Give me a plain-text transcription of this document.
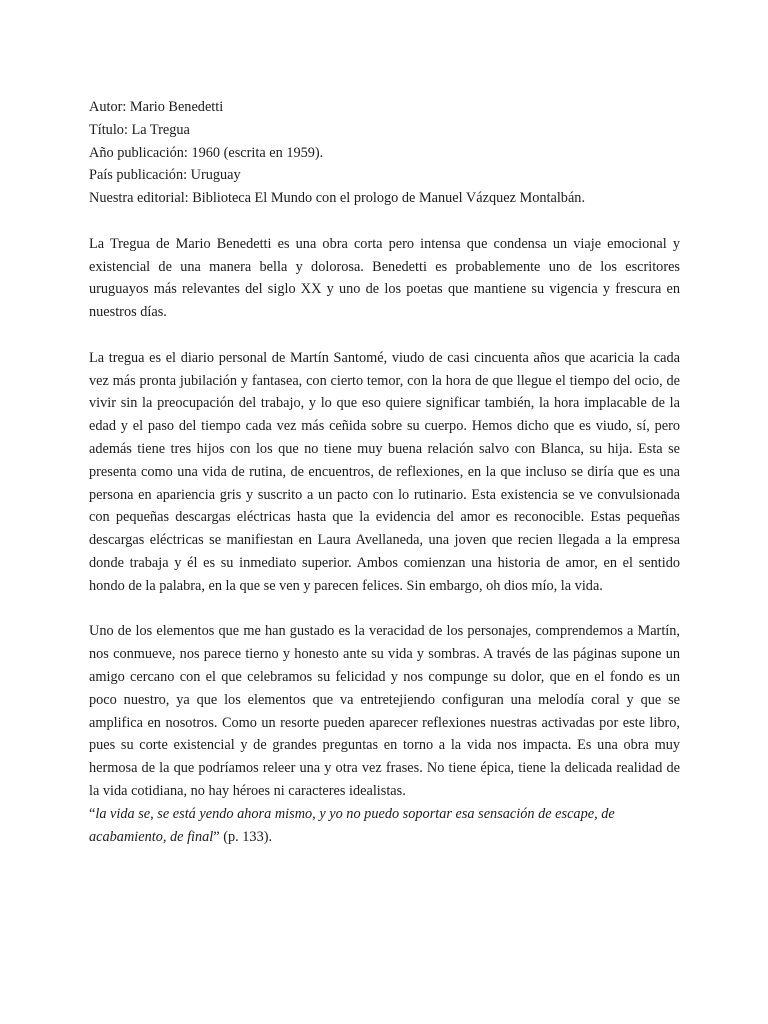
Autor: Mario Benedetti

Título: La Tregua

Año publicación: 1960 (escrita en 1959).

País publicación: Uruguay

Nuestra editorial: Biblioteca El Mundo con el prologo de Manuel Vázquez Montalbán.

La Tregua de Mario Benedetti es una obra corta pero intensa que condensa un viaje emocional y existencial de una manera bella y dolorosa. Benedetti es probablemente uno de los escritores uruguayos más relevantes del siglo XX y uno de los poetas que mantiene su vigencia y frescura en nuestros días.

La tregua es el diario personal de Martín Santomé, viudo de casi cincuenta años que acaricia la cada vez más pronta jubilación y fantasea, con cierto temor, con la hora de que llegue el tiempo del ocio, de vivir sin la preocupación del trabajo, y lo que eso quiere significar también, la hora implacable de la edad y el paso del tiempo cada vez más ceñida sobre su cuerpo. Hemos dicho que es viudo, sí, pero además tiene tres hijos con los que no tiene muy buena relación salvo con Blanca, su hija. Esta se presenta como una vida de rutina, de encuentros, de reflexiones, en la que incluso se diría que es una persona en apariencia gris y suscrito a un pacto con lo rutinario. Esta existencia se ve convulsionada con pequeñas descargas eléctricas hasta que la evidencia del amor es reconocible. Estas pequeñas descargas eléctricas se manifiestan en Laura Avellaneda, una joven que recien llegada a la empresa donde trabaja y él es su inmediato superior. Ambos comienzan una historia de amor, en el sentido hondo de la palabra, en la que se ven y parecen felices. Sin embargo, oh dios mío, la vida.

Uno de los elementos que me han gustado es la veracidad de los personajes, comprendemos a Martín, nos conmueve, nos parece tierno y honesto ante su vida y sombras. A través de las páginas supone un amigo cercano con el que celebramos su felicidad y nos compunge su dolor, que en el fondo es un poco nuestro, ya que los elementos que va entretejiendo configuran una melodía coral y que se amplifica en nosotros. Como un resorte pueden aparecer reflexiones nuestras activadas por este libro, pues su corte existencial y de grandes preguntas en torno a la vida nos impacta. Es una obra muy hermosa de la que podríamos releer una y otra vez frases. No tiene épica, tiene la delicada realidad de la vida cotidiana, no hay héroes ni caracteres idealistas.

“la vida se, se está yendo ahora mismo, y yo no puedo soportar esa sensación de escape, de acabamiento, de final” (p. 133).
